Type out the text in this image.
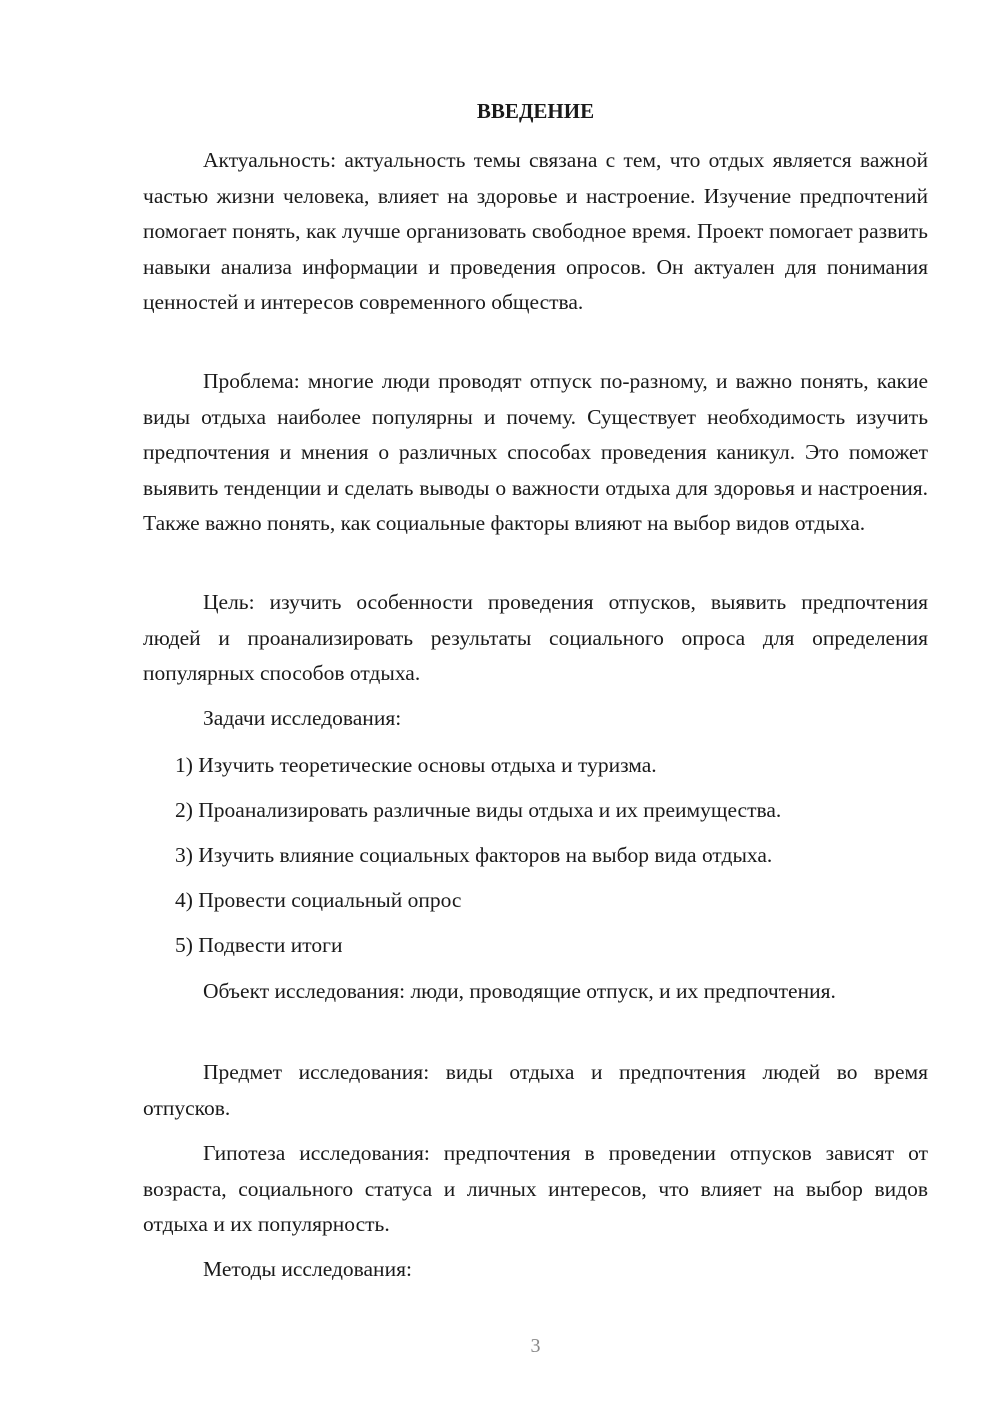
ВВЕДЕНИЕ

Актуальность: актуальность темы связана с тем, что отдых является важной частью жизни человека, влияет на здоровье и настроение. Изучение предпочтений помогает понять, как лучше организовать свободное время. Проект помогает развить навыки анализа информации и проведения опросов. Он актуален для понимания ценностей и интересов современного общества.

Проблема: многие люди проводят отпуск по-разному, и важно понять, какие виды отдыха наиболее популярны и почему. Существует необходимость изучить предпочтения и мнения о различных способах проведения каникул. Это поможет выявить тенденции и сделать выводы о важности отдыха для здоровья и настроения. Также важно понять, как социальные факторы влияют на выбор видов отдыха.

Цель: изучить особенности проведения отпусков, выявить предпочтения людей и проанализировать результаты социального опроса для определения популярных способов отдыха.

Задачи исследования:

1) Изучить теоретические основы отдыха и туризма.

2) Проанализировать различные виды отдыха и их преимущества.

3) Изучить влияние социальных факторов на выбор вида отдыха.

4) Провести социальный опрос

5) Подвести итоги

Объект исследования: люди, проводящие отпуск, и их предпочтения.

Предмет исследования: виды отдыха и предпочтения людей во время отпусков.

Гипотеза исследования: предпочтения в проведении отпусков зависят от возраста, социального статуса и личных интересов, что влияет на выбор видов отдыха и их популярность.

Методы исследования:

3
